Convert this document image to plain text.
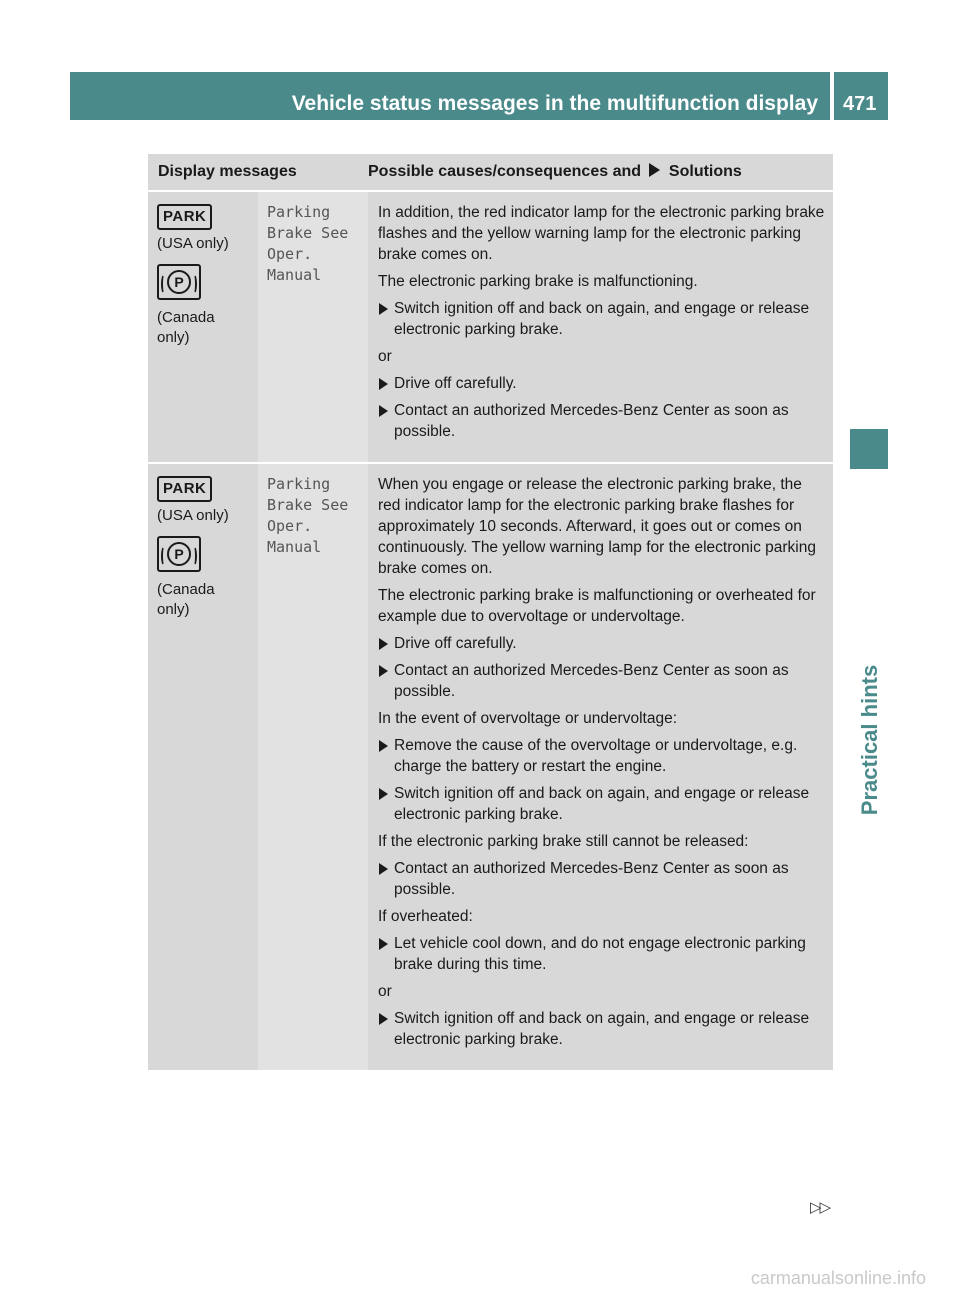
Vehicle status messages in the multifunction display 471
Practical hints
Display messages	Possible causes/consequences and Solutions
PARK
(USA only)
P
(Canada only)
Parking Brake See Oper. Manual
In addition, the red indicator lamp for the electronic parking brake flashes and the yellow warning lamp for the electronic parking brake comes on.
The electronic parking brake is malfunctioning.
Switch ignition off and back on again, and engage or release electronic parking brake.
or
Drive off carefully.
Contact an authorized Mercedes-Benz Center as soon as possible.
PARK
(USA only)
P
(Canada only)
Parking Brake See Oper. Manual
When you engage or release the electronic parking brake, the red indicator lamp for the electronic parking brake flashes for approximately 10 seconds. Afterward, it goes out or comes on continuously. The yellow warning lamp for the electronic parking brake comes on.
The electronic parking brake is malfunctioning or overheated for example due to overvoltage or undervoltage.
Drive off carefully.
Contact an authorized Mercedes-Benz Center as soon as possible.
In the event of overvoltage or undervoltage:
Remove the cause of the overvoltage or undervoltage, e.g. charge the battery or restart the engine.
Switch ignition off and back on again, and engage or release electronic parking brake.
If the electronic parking brake still cannot be released:
Contact an authorized Mercedes-Benz Center as soon as possible.
If overheated:
Let vehicle cool down, and do not engage electronic parking brake during this time.
or
Switch ignition off and back on again, and engage or release electronic parking brake.
▷▷
carmanualsonline.info
